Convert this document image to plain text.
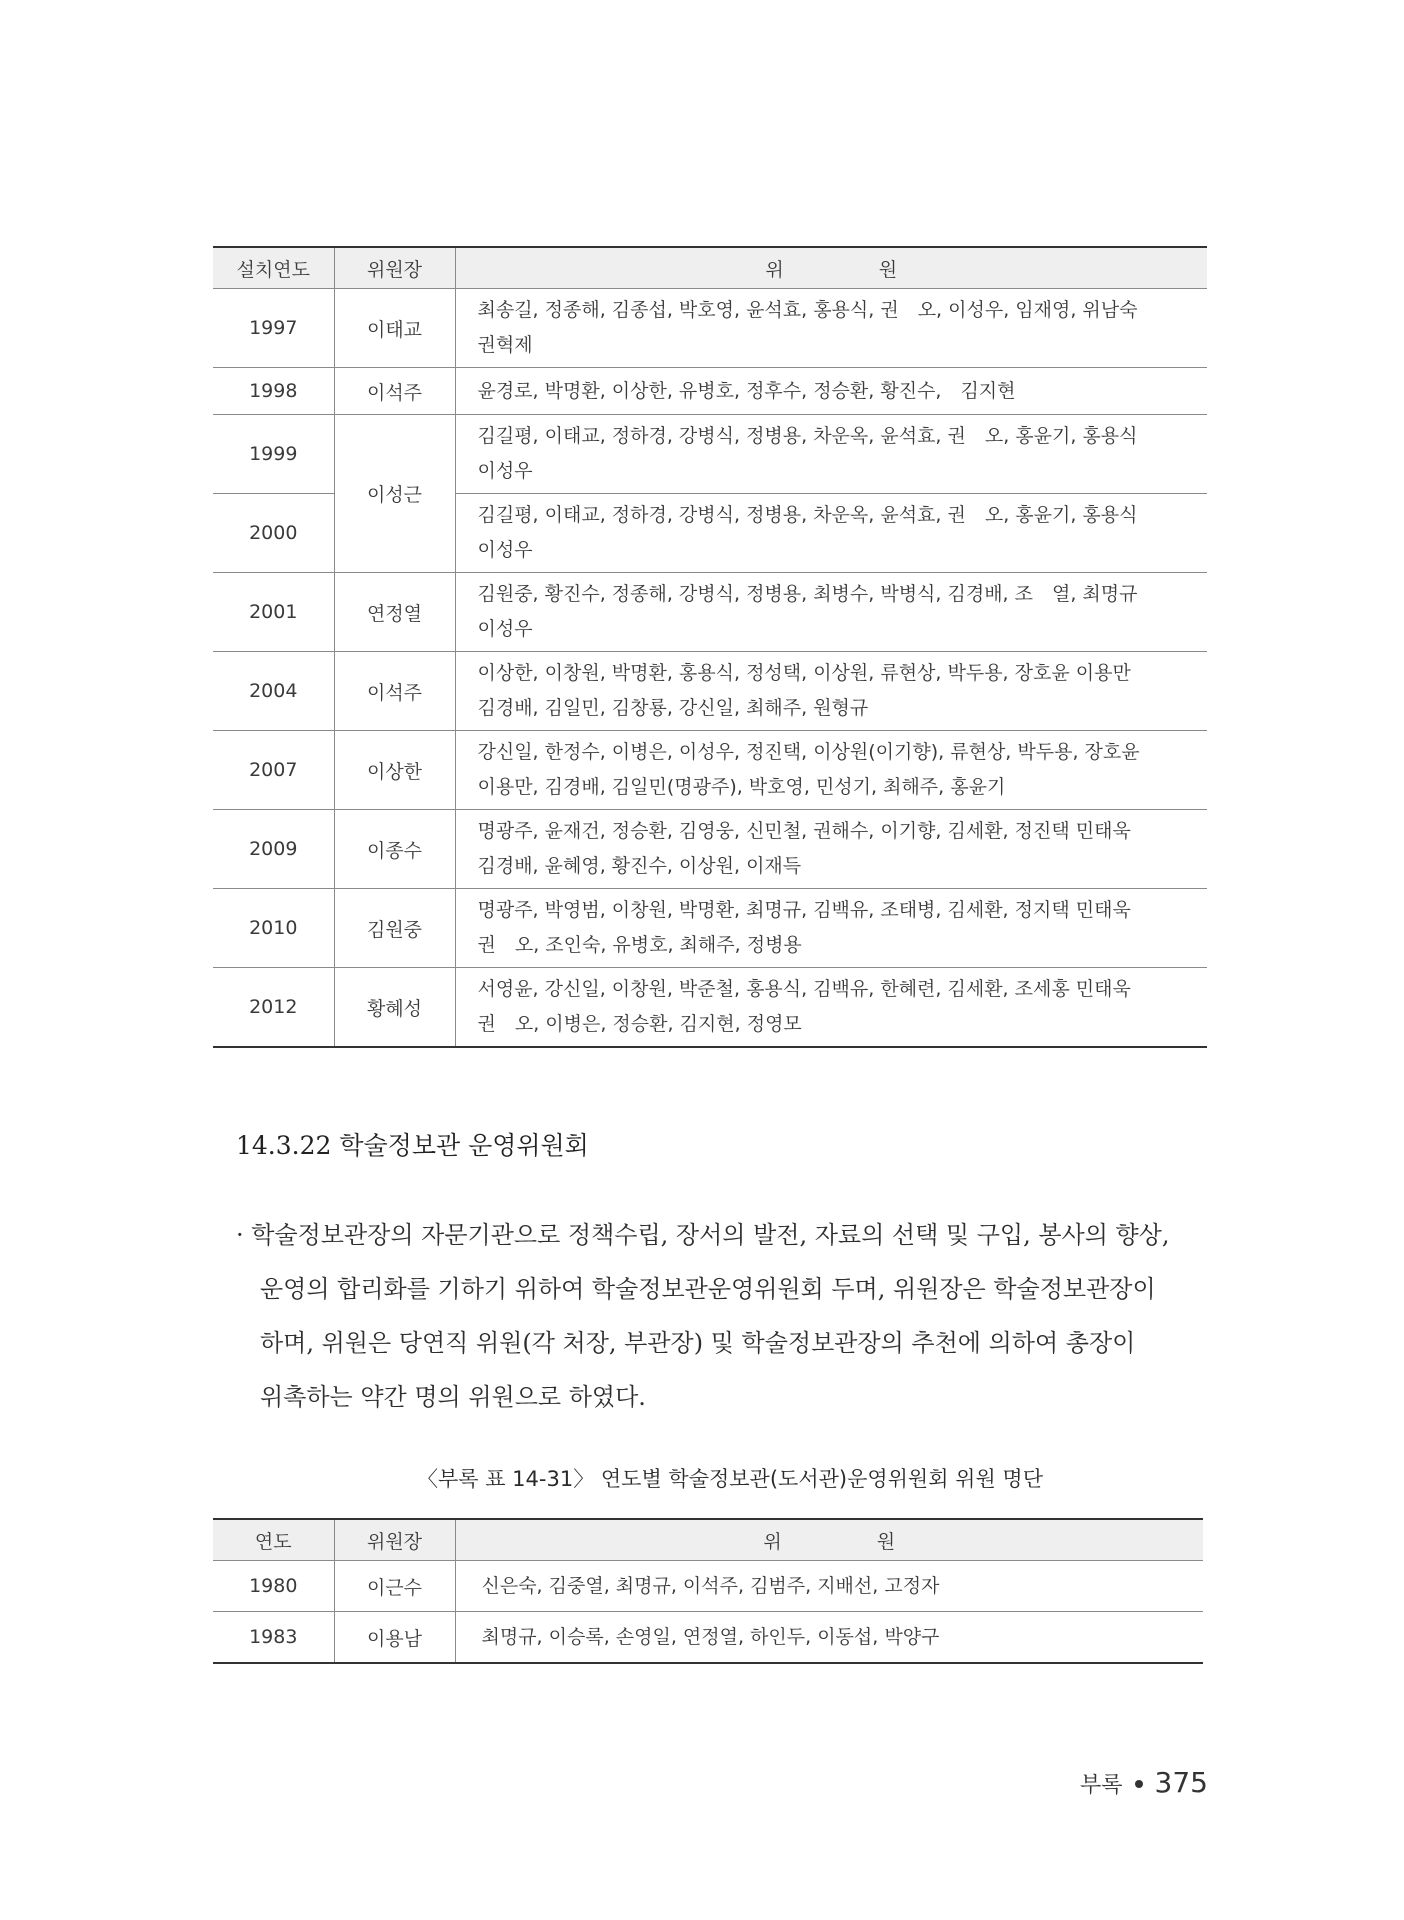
설치연도	위원장	위　　　　　원
1997	이태교	최송길, 정종해, 김종섭, 박호영, 윤석효, 홍용식, 권　오, 이성우, 임재영, 위남숙
권혁제

1998	이석주	윤경로, 박명환, 이상한, 유병호, 정후수, 정승환, 황진수,　김지현

1999	이성근	김길평, 이태교, 정하경, 강병식, 정병용, 차운옥, 윤석효, 권　오, 홍윤기, 홍용식
이성우

2000		김길평, 이태교, 정하경, 강병식, 정병용, 차운옥, 윤석효, 권　오, 홍윤기, 홍용식
이성우

2001	연정열	김원중, 황진수, 정종해, 강병식, 정병용, 최병수, 박병식, 김경배, 조　열, 최명규
이성우

2004	이석주	이상한, 이창원, 박명환, 홍용식, 정성택, 이상원, 류현상, 박두용, 장호윤 이용만
김경배, 김일민, 김창룡, 강신일, 최해주, 원형규

2007	이상한	강신일, 한정수, 이병은, 이성우, 정진택, 이상원(이기향), 류현상, 박두용, 장호윤
이용만, 김경배, 김일민(명광주), 박호영, 민성기, 최해주, 홍윤기

2009	이종수	명광주, 윤재건, 정승환, 김영웅, 신민철, 권해수, 이기향, 김세환, 정진택 민태욱
김경배, 윤혜영, 황진수, 이상원, 이재득

2010	김원중	명광주, 박영범, 이창원, 박명환, 최명규, 김백유, 조태병, 김세환, 정지택 민태욱
권　오, 조인숙, 유병호, 최해주, 정병용

2012	황혜성	서영윤, 강신일, 이창원, 박준철, 홍용식, 김백유, 한혜련, 김세환, 조세홍 민태욱
권　오, 이병은, 정승환, 김지현, 정영모
14.3.22 학술정보관 운영위원회
· 학술정보관장의 자문기관으로 정책수립, 장서의 발전, 자료의 선택 및 구입, 봉사의 향상,
운영의 합리화를 기하기 위하여 학술정보관운영위원회 두며, 위원장은 학술정보관장이
하며, 위원은 당연직 위원(각 처장, 부관장) 및 학술정보관장의 추천에 의하여 총장이
위촉하는 약간 명의 위원으로 하였다.
〈부록 표 14-31〉 연도별 학술정보관(도서관)운영위원회 위원 명단
연도	위원장	위　　　　　원
1980	이근수	신은숙, 김중열, 최명규, 이석주, 김범주, 지배선, 고정자
1983	이용남	최명규, 이승록, 손영일, 연정열, 하인두, 이동섭, 박양구
부록 375
